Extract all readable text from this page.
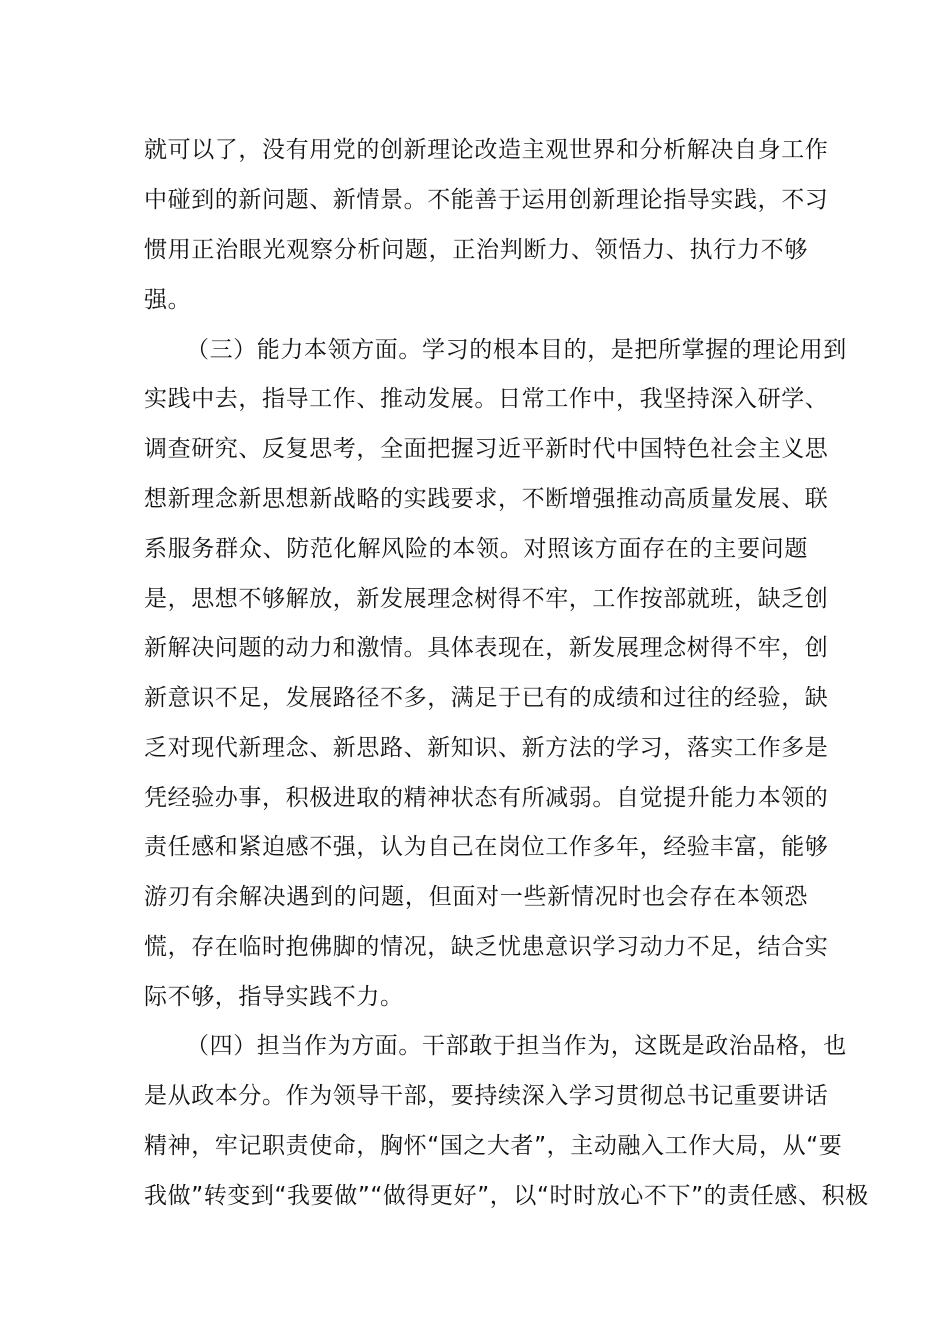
就可以了，没有用党的创新理论改造主观世界和分析解决自身工作
中碰到的新问题、新情景。不能善于运用创新理论指导实践，不习
惯用正治眼光观察分析问题，正治判断力、领悟力、执行力不够
强。
（三）能力本领方面。学习的根本目的，是把所掌握的理论用到
实践中去，指导工作、推动发展。日常工作中，我坚持深入研学、
调查研究、反复思考，全面把握习近平新时代中国特色社会主义思
想新理念新思想新战略的实践要求，不断增强推动高质量发展、联
系服务群众、防范化解风险的本领。对照该方面存在的主要问题
是，思想不够解放，新发展理念树得不牢，工作按部就班，缺乏创
新解决问题的动力和激情。具体表现在，新发展理念树得不牢，创
新意识不足，发展路径不多，满足于已有的成绩和过往的经验，缺
乏对现代新理念、新思路、新知识、新方法的学习，落实工作多是
凭经验办事，积极进取的精神状态有所减弱。自觉提升能力本领的
责任感和紧迫感不强，认为自己在岗位工作多年，经验丰富，能够
游刃有余解决遇到的问题，但面对一些新情况时也会存在本领恐
慌，存在临时抱佛脚的情况，缺乏忧患意识学习动力不足，结合实
际不够，指导实践不力。
（四）担当作为方面。干部敢于担当作为，这既是政治品格，也
是从政本分。作为领导干部，要持续深入学习贯彻总书记重要讲话
精神，牢记职责使命，胸怀“国之大者”，主动融入工作大局，从“要
我做”转变到“我要做”“做得更好”，以“时时放心不下”的责任感、积极
